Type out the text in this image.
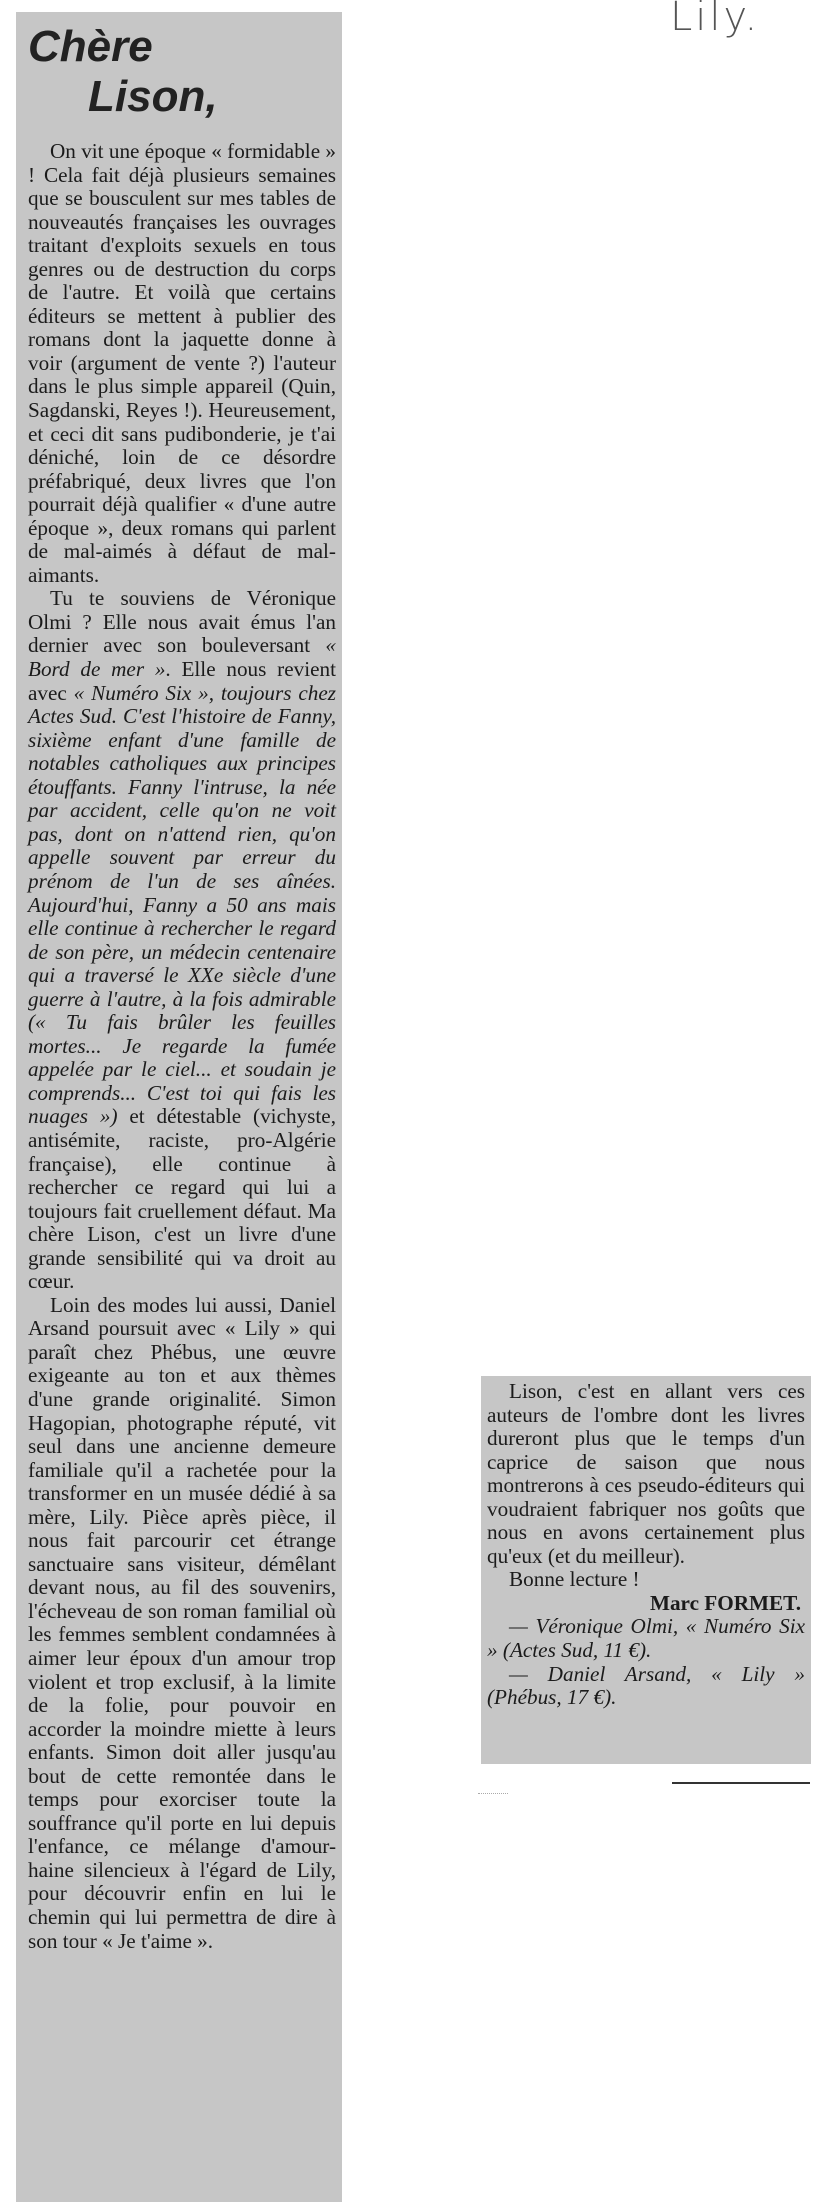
Lily.
Chère
Lison,

On vit une époque « formidable » ! Cela fait déjà plusieurs semaines que se bousculent sur mes tables de nouveautés françaises les ouvrages traitant d'exploits sexuels en tous genres ou de destruction du corps de l'autre. Et voilà que certains éditeurs se mettent à publier des romans dont la jaquette donne à voir (argument de vente ?) l'auteur dans le plus simple appareil (Quin, Sagdanski, Reyes !). Heureusement, et ceci dit sans pudibonderie, je t'ai déniché, loin de ce désordre préfabriqué, deux livres que l'on pourrait déjà qualifier « d'une autre époque », deux romans qui parlent de mal-aimés à défaut de mal-aimants.

Tu te souviens de Véronique Olmi ? Elle nous avait émus l'an dernier avec son bouleversant « Bord de mer ». Elle nous revient avec « Numéro Six », toujours chez Actes Sud. C'est l'histoire de Fanny, sixième enfant d'une famille de notables catholiques aux principes étouffants. Fanny l'intruse, la née par accident, celle qu'on ne voit pas, dont on n'attend rien, qu'on appelle souvent par erreur du prénom de l'un de ses aînées. Aujourd'hui, Fanny a 50 ans mais elle continue à rechercher le regard de son père, un médecin centenaire qui a traversé le XXe siècle d'une guerre à l'autre, à la fois admirable (« Tu fais brûler les feuilles mortes... Je regarde la fumée appelée par le ciel... et soudain je comprends... C'est toi qui fais les nuages ») et détestable (vichyste, antisémite, raciste, pro-Algérie française), elle continue à rechercher ce regard qui lui a toujours fait cruellement défaut. Ma chère Lison, c'est un livre d'une grande sensibilité qui va droit au cœur.

Loin des modes lui aussi, Daniel Arsand poursuit avec « Lily » qui paraît chez Phébus, une œuvre exigeante au ton et aux thèmes d'une grande originalité. Simon Hagopian, photographe réputé, vit seul dans une ancienne demeure familiale qu'il a rachetée pour la transformer en un musée dédié à sa mère, Lily. Pièce après pièce, il nous fait parcourir cet étrange sanctuaire sans visiteur, démêlant devant nous, au fil des souvenirs, l'écheveau de son roman familial où les femmes semblent condamnées à aimer leur époux d'un amour trop violent et trop exclusif, à la limite de la folie, pour pouvoir en accorder la moindre miette à leurs enfants. Simon doit aller jusqu'au bout de cette remontée dans le temps pour exorciser toute la souffrance qu'il porte en lui depuis l'enfance, ce mélange d'amour-haine silencieux à l'égard de Lily, pour découvrir enfin en lui le chemin qui lui permettra de dire à son tour « Je t'aime ».

Lison, c'est en allant vers ces auteurs de l'ombre dont les livres dureront plus que le temps d'un caprice de saison que nous montrerons à ces pseudo-éditeurs qui voudraient fabriquer nos goûts que nous en avons certainement plus qu'eux (et du meilleur).

Bonne lecture !

Marc FORMET.

— Véronique Olmi, « Numéro Six » (Actes Sud, 11 €).

— Daniel Arsand, « Lily » (Phébus, 17 €).
